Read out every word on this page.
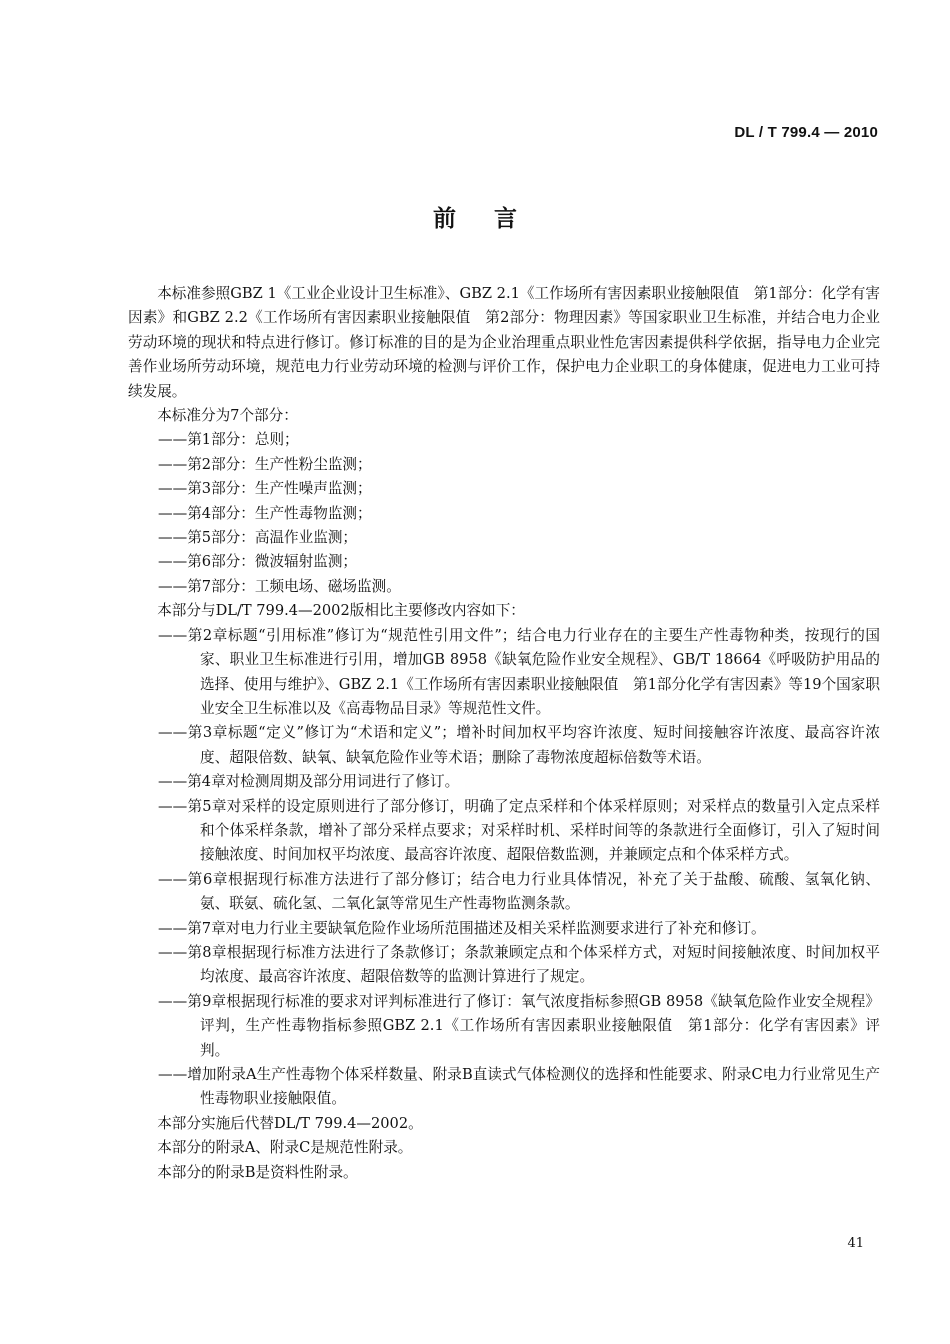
DL / T 799.4 — 2010
前言

本标准参照GBZ 1《工业企业设计卫生标准》、GBZ 2.1《工作场所有害因素职业接触限值　第1部分：化学有害因素》和GBZ 2.2《工作场所有害因素职业接触限值　第2部分：物理因素》等国家职业卫生标准，并结合电力企业劳动环境的现状和特点进行修订。修订标准的目的是为企业治理重点职业性危害因素提供科学依据，指导电力企业完善作业场所劳动环境，规范电力行业劳动环境的检测与评价工作，保护电力企业职工的身体健康，促进电力工业可持续发展。

本标准分为7个部分：

——第1部分：总则；

——第2部分：生产性粉尘监测；

——第3部分：生产性噪声监测；

——第4部分：生产性毒物监测；

——第5部分：高温作业监测；

——第6部分：微波辐射监测；

——第7部分：工频电场、磁场监测。

本部分与DL/T 799.4—2002版相比主要修改内容如下：

——第2章标题“引用标准”修订为“规范性引用文件”；结合电力行业存在的主要生产性毒物种类，按现行的国家、职业卫生标准进行引用，增加GB 8958《缺氧危险作业安全规程》、GB/T 18664《呼吸防护用品的选择、使用与维护》、GBZ 2.1《工作场所有害因素职业接触限值　第1部分化学有害因素》等19个国家职业安全卫生标准以及《高毒物品目录》等规范性文件。

——第3章标题“定义”修订为“术语和定义”；增补时间加权平均容许浓度、短时间接触容许浓度、最高容许浓度、超限倍数、缺氧、缺氧危险作业等术语；删除了毒物浓度超标倍数等术语。

——第4章对检测周期及部分用词进行了修订。

——第5章对采样的设定原则进行了部分修订，明确了定点采样和个体采样原则；对采样点的数量引入定点采样和个体采样条款，增补了部分采样点要求；对采样时机、采样时间等的条款进行全面修订，引入了短时间接触浓度、时间加权平均浓度、最高容许浓度、超限倍数监测，并兼顾定点和个体采样方式。

——第6章根据现行标准方法进行了部分修订；结合电力行业具体情况，补充了关于盐酸、硫酸、氢氧化钠、氨、联氨、硫化氢、二氧化氯等常见生产性毒物监测条款。

——第7章对电力行业主要缺氧危险作业场所范围描述及相关采样监测要求进行了补充和修订。

——第8章根据现行标准方法进行了条款修订；条款兼顾定点和个体采样方式，对短时间接触浓度、时间加权平均浓度、最高容许浓度、超限倍数等的监测计算进行了规定。

——第9章根据现行标准的要求对评判标准进行了修订：氧气浓度指标参照GB 8958《缺氧危险作业安全规程》评判，生产性毒物指标参照GBZ 2.1《工作场所有害因素职业接触限值　第1部分：化学有害因素》评判。

——增加附录A生产性毒物个体采样数量、附录B直读式气体检测仪的选择和性能要求、附录C电力行业常见生产性毒物职业接触限值。

本部分实施后代替DL/T 799.4—2002。

本部分的附录A、附录C是规范性附录。

本部分的附录B是资料性附录。

41
